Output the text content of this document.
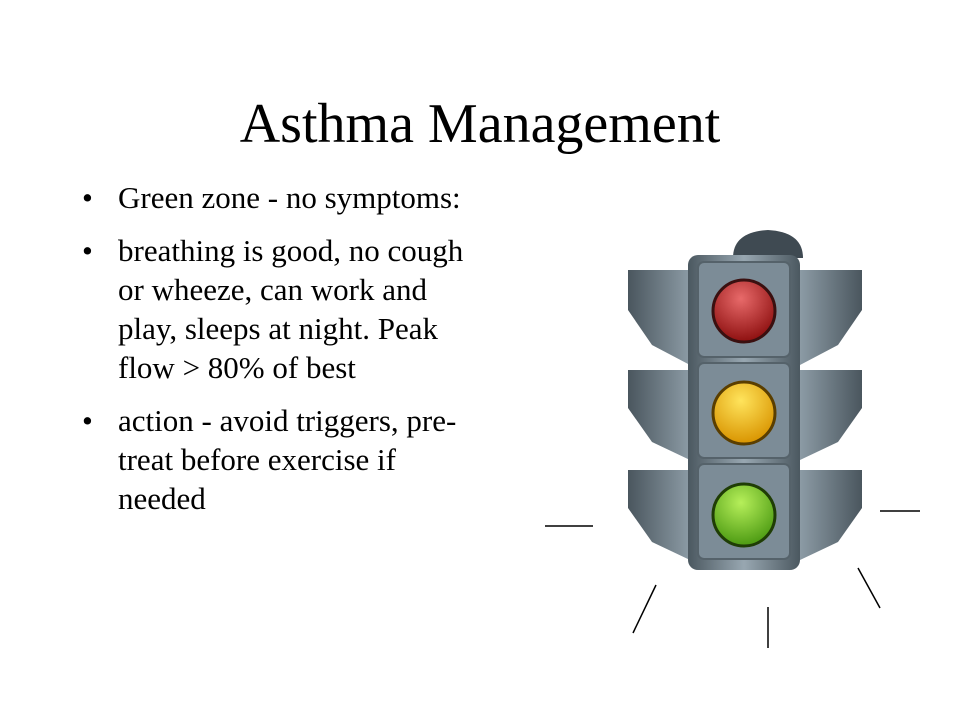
Asthma Management
• Green zone - no symptoms:
• breathing is good, no cough or wheeze, can work and play, sleeps at night. Peak flow > 80% of best
• action - avoid triggers, pre-treat before exercise if needed
